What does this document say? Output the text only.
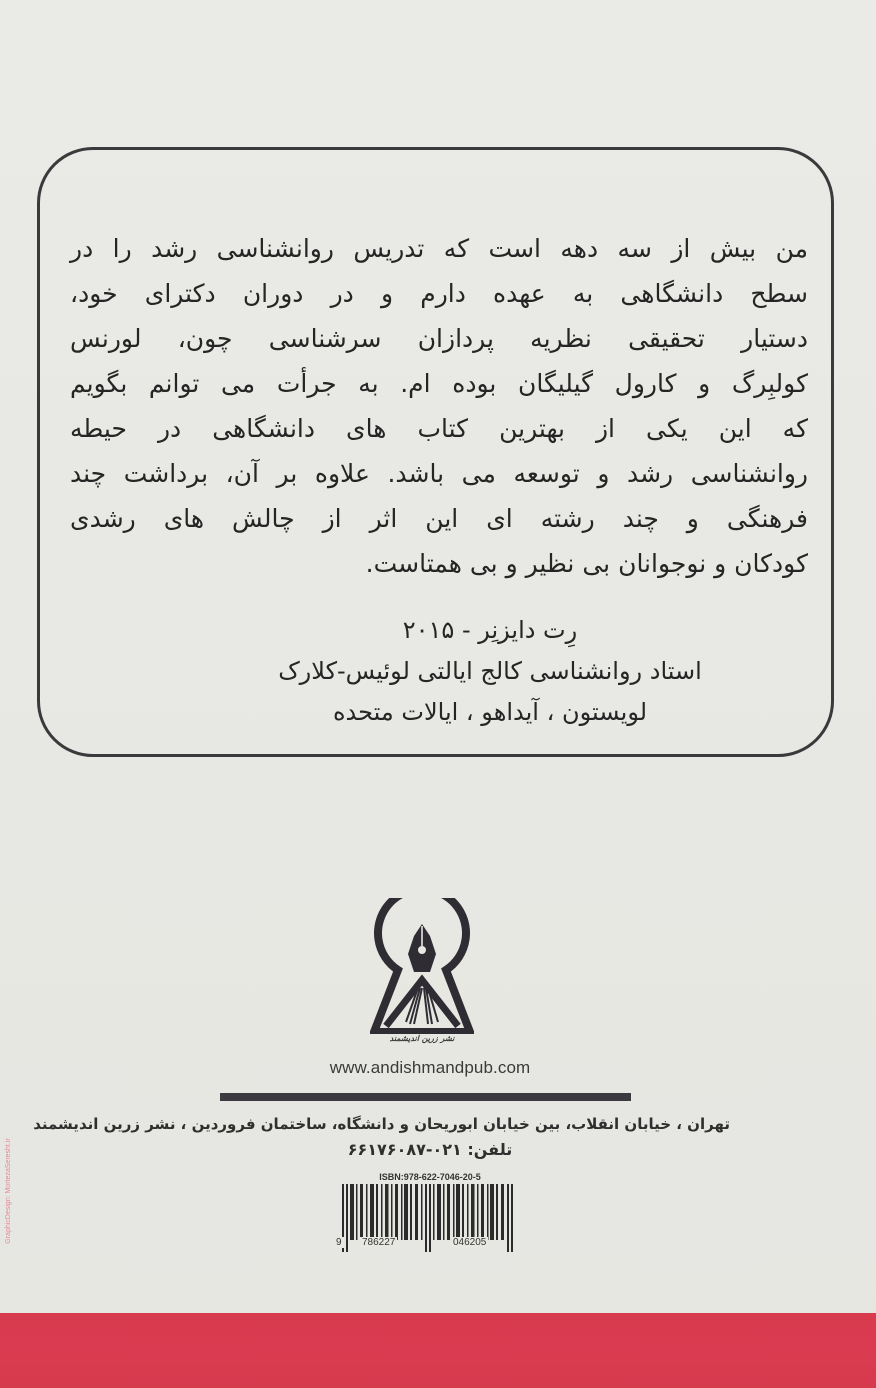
من بیش از سه دهه است که تدریس روانشناسی رشد را در
سطح دانشگاهی به عهده دارم و در دوران دکترای خود،
دستیار تحقیقی نظریه پردازان سرشناسی چون، لورنس
کولبِرگ و کارول گیلیگان بوده ام. به جرأت می توانم بگویم
که این یکی از بهترین کتاب های دانشگاهی در حیطه
روانشناسی رشد و توسعه می باشد. علاوه بر آن، برداشت چند
فرهنگی و چند رشته ای این اثر از چالش های رشدی
کودکان و نوجوانان بی نظیر و بی همتاست.
رِت دایزنِر - ۲۰۱۵
استاد روانشناسی کالج ایالتی لوئیس-کلارک
لویستون ، آیداهو ، ایالات متحده
نشر زرین اندیشمند
www.andishmandpub.com
تهران ، خیابان انقلاب، بین خیابان ابوریحان و دانشگاه، ساختمان فروردین ، نشر زرین اندیشمند
تلفن: ۰۲۱-۶۶۱۷۶۰۸۷
ISBN:978-622-7046-20-5
9 786227	046205
GraphicDesign: MortezaSeresht.ir
